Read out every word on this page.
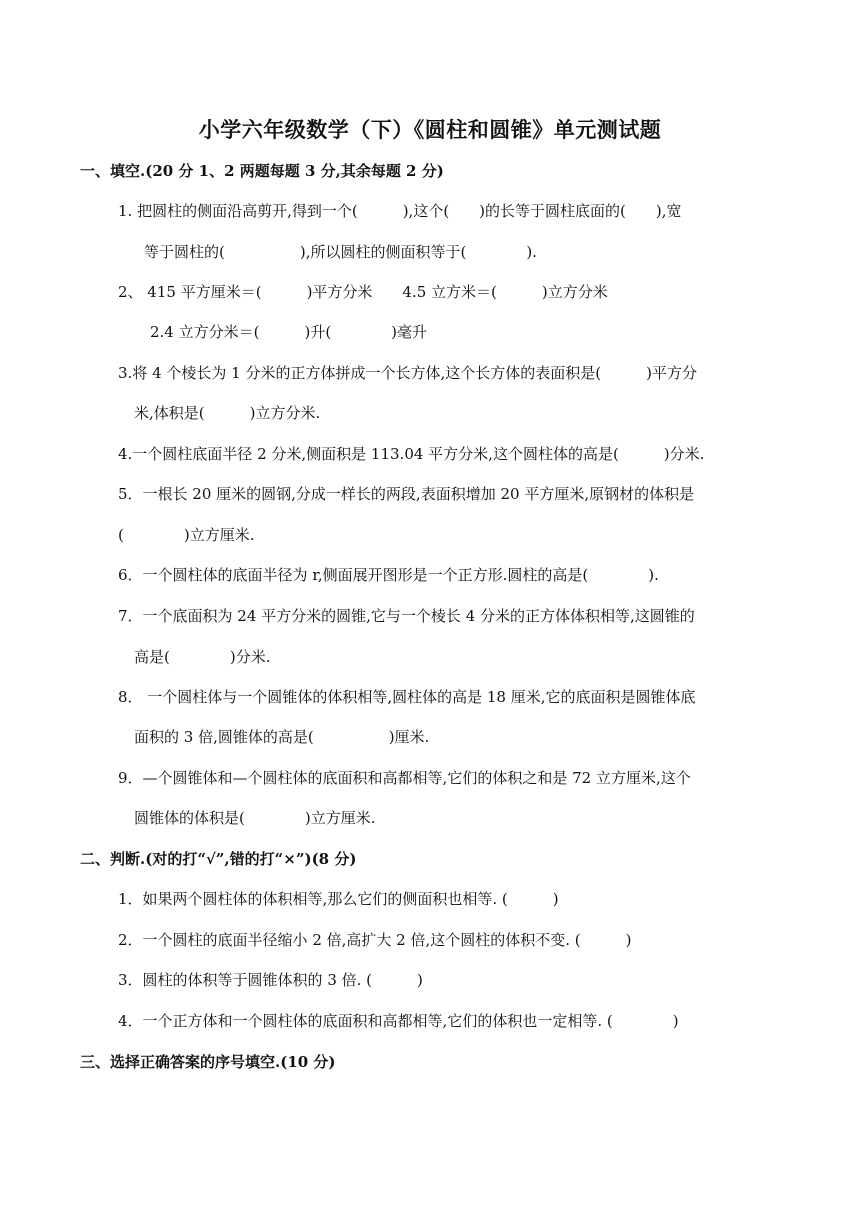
小学六年级数学（下）《圆柱和圆锥》单元测试题
一、填空.(20 分 1、2 两题每题 3 分,其余每题 2 分)
1. 把圆柱的侧面沿高剪开,得到一个(　　　),这个(　　)的长等于圆柱底面的(　　),宽
等于圆柱的(　　　　　),所以圆柱的侧面积等于(　　　　).
2、 415 平方厘米＝(　　　)平方分米　　4.5 立方米＝(　　　)立方分米
2.4 立方分米＝(　　　)升(　　　　)毫升
3.将 4 个棱长为 1 分米的正方体拼成一个长方体,这个长方体的表面积是(　　　)平方分
米,体积是(　　　)立方分米.
4.一个圆柱底面半径 2 分米,侧面积是 113.04 平方分米,这个圆柱体的高是(　　　)分米.
5．一根长 20 厘米的圆钢,分成一样长的两段,表面积增加 20 平方厘米,原钢材的体积是
(　　　　)立方厘米.
6．一个圆柱体的底面半径为 r,侧面展开图形是一个正方形.圆柱的高是(　　　　).
7．一个底面积为 24 平方分米的圆锥,它与一个棱长 4 分米的正方体体积相等,这圆锥的
高是(　　　　)分米.
8． 一个圆柱体与一个圆锥体的体积相等,圆柱体的高是 18 厘米,它的底面积是圆锥体底
面积的 3 倍,圆锥体的高是(　　　　　)厘米.
9．—个圆锥体和—个圆柱体的底面积和高都相等,它们的体积之和是 72 立方厘米,这个
圆锥体的体积是(　　　　)立方厘米.
二、判断.(对的打“√”,错的打“×”)(8 分)
1．如果两个圆柱体的体积相等,那么它们的侧面积也相等. (　　　)
2．一个圆柱的底面半径缩小 2 倍,高扩大 2 倍,这个圆柱的体积不变. (　　　)
3．圆柱的体积等于圆锥体积的 3 倍. (　　　)
4．一个正方体和一个圆柱体的底面积和高都相等,它们的体积也一定相等. (　　　　)
三、选择正确答案的序号填空.(10 分)
